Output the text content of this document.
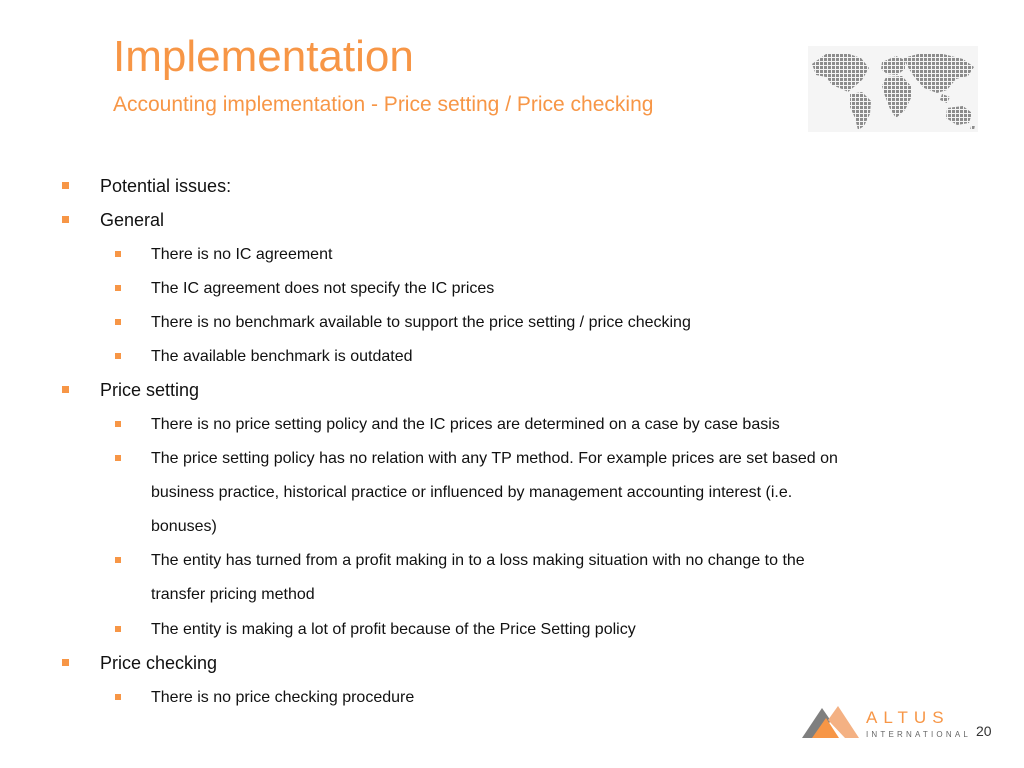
Implementation
Accounting implementation - Price setting / Price checking
Potential issues:
General
There is no IC agreement
The IC agreement does not specify the IC prices
There is no benchmark available to support the price setting / price checking
The available benchmark is outdated
Price setting
There is no price setting policy and the IC prices are determined on a case by case basis
The price setting policy has no relation with any TP method. For example prices are set based on
business practice, historical practice or influenced by management accounting interest (i.e.
bonuses)
The entity has turned from a profit making in to a loss making situation with no change to the
transfer pricing method
The entity is making a lot of profit because of the Price Setting policy
Price checking
There is no price checking procedure
ALTUS
INTERNATIONAL 20
